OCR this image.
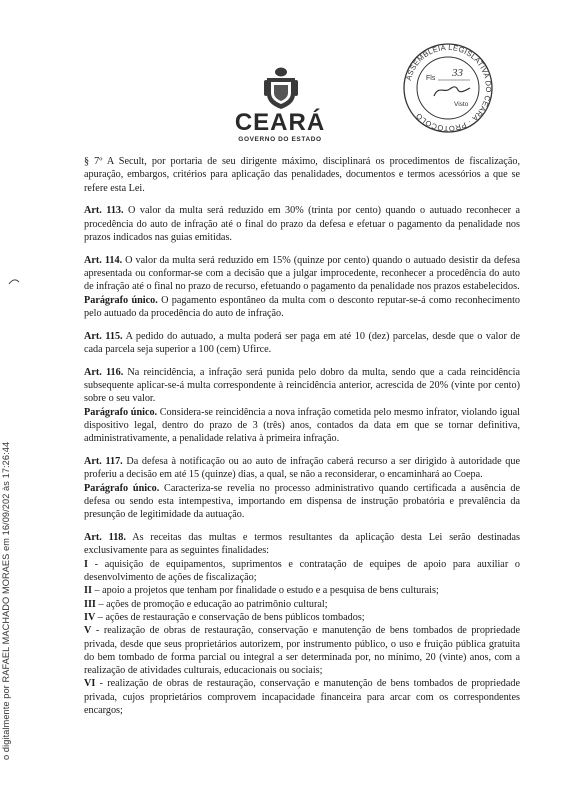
CEARÁ
GOVERNO DO ESTADO
ASSEMBLEIA LEGISLATIVA DO CEARÁ · PROTOCOLO
Fls 33
Visto
o digitalmente por RAFAEL MACHADO MORAES em 16/09/202 às 17:26:44

§ 7º A Secult, por portaria de seu dirigente máximo, disciplinará os procedimentos de fiscalização, apuração, embargos, critérios para aplicação das penalidades, documentos e termos acessórios a que se refere esta Lei.

Art. 113. O valor da multa será reduzido em 30% (trinta por cento) quando o autuado reconhecer a procedência do auto de infração até o final do prazo da defesa e efetuar o pagamento da penalidade nos prazos indicados nas guias emitidas.

Art. 114. O valor da multa será reduzido em 15% (quinze por cento) quando o autuado desistir da defesa apresentada ou conformar-se com a decisão que a julgar improcedente, reconhecer a procedência do auto de infração até o final no prazo de recurso, efetuando o pagamento da penalidade nos prazos estabelecidos.

Parágrafo único. O pagamento espontâneo da multa com o desconto reputar-se-á como reconhecimento pelo autuado da procedência do auto de infração.

Art. 115. A pedido do autuado, a multa poderá ser paga em até 10 (dez) parcelas, desde que o valor de cada parcela seja superior a 100 (cem) Ufirce.

Art. 116. Na reincidência, a infração será punida pelo dobro da multa, sendo que a cada reincidência subsequente aplicar-se-á multa correspondente à reincidência anterior, acrescida de 20% (vinte por cento) sobre o seu valor.

Parágrafo único. Considera-se reincidência a nova infração cometida pelo mesmo infrator, violando igual dispositivo legal, dentro do prazo de 3 (três) anos, contados da data em que se tornar definitiva, administrativamente, a penalidade relativa à primeira infração.

Art. 117. Da defesa à notificação ou ao auto de infração caberá recurso a ser dirigido à autoridade que proferiu a decisão em até 15 (quinze) dias, a qual, se não a reconsiderar, o encaminhará ao Coepa.

Parágrafo único. Caracteriza-se revelia no processo administrativo quando certificada a ausência de defesa ou sendo esta intempestiva, importando em dispensa de instrução probatória e prevalência da presunção de legitimidade da autuação.

Art. 118. As receitas das multas e termos resultantes da aplicação desta Lei serão destinadas exclusivamente para as seguintes finalidades:

I - aquisição de equipamentos, suprimentos e contratação de equipes de apoio para auxiliar o desenvolvimento de ações de fiscalização;

II – apoio a projetos que tenham por finalidade o estudo e a pesquisa de bens culturais;

III – ações de promoção e educação ao patrimônio cultural;

IV – ações de restauração e conservação de bens públicos tombados;

V - realização de obras de restauração, conservação e manutenção de bens tombados de propriedade privada, desde que seus proprietários autorizem, por instrumento público, o uso e fruição pública gratuita do bem tombado de forma parcial ou integral a ser determinada por, no mínimo, 20 (vinte) anos, com a realização de atividades culturais, educacionais ou sociais;

VI - realização de obras de restauração, conservação e manutenção de bens tombados de propriedade privada, cujos proprietários comprovem incapacidade financeira para arcar com os correspondentes encargos;
